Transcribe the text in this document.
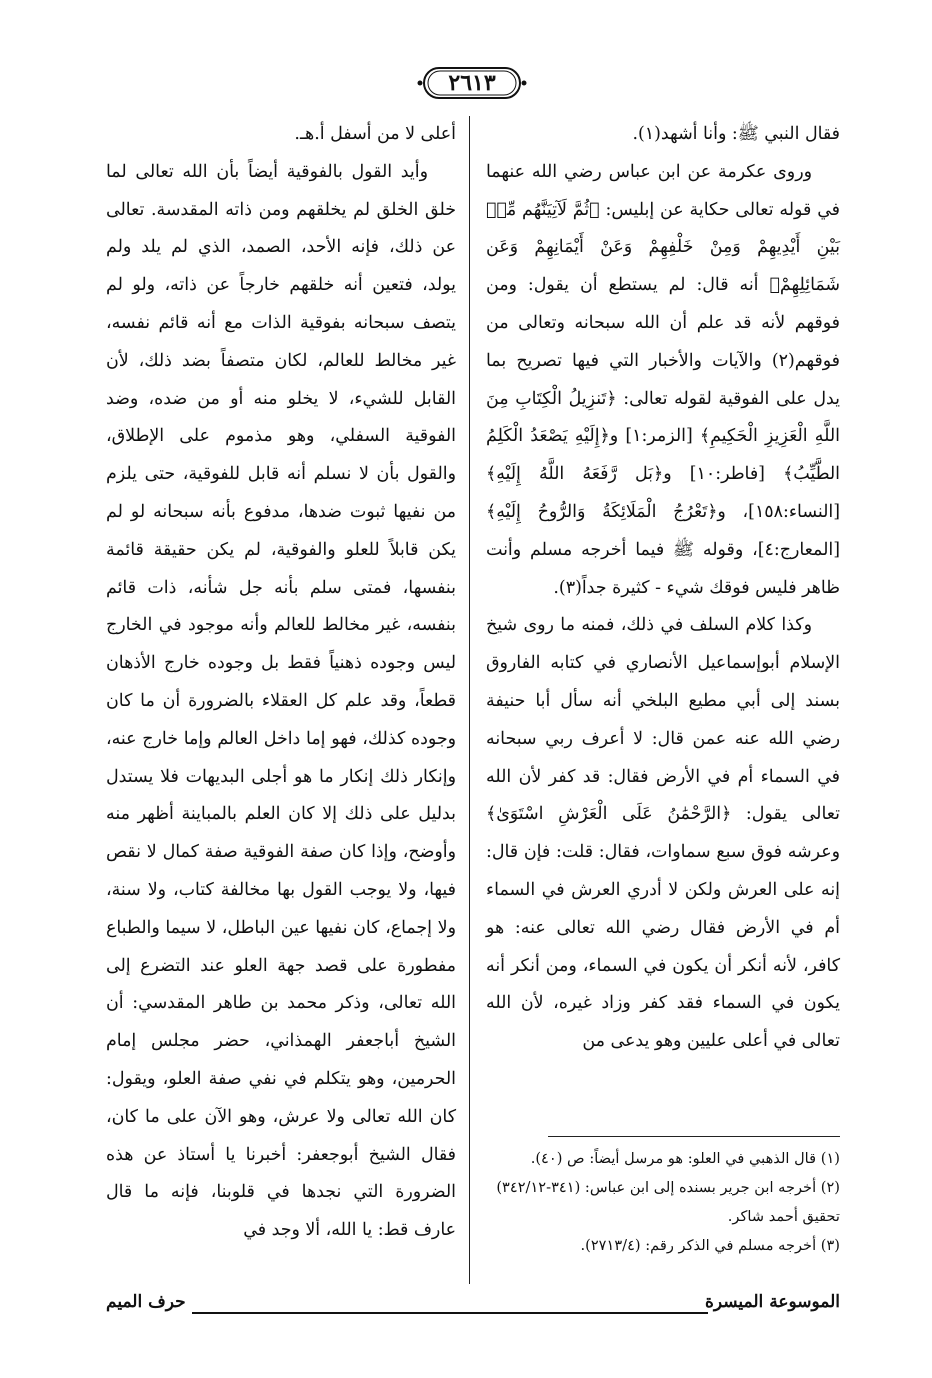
٢٦١٣

فقال النبي ﷺ: وأنا أشهد(١).

وروى عكرمة عن ابن عباس رضي الله عنهما في قوله تعالى حكاية عن إبليس: ﴿ثُمَّ لَآتِيَنَّهُم مِّنۢ بَيْنِ أَيْدِيهِمْ وَمِنْ خَلْفِهِمْ وَعَنْ أَيْمَانِهِمْ وَعَن شَمَائِلِهِمْ﴾ أنه قال: لم يستطع أن يقول: ومن فوقهم لأنه قد علم أن الله سبحانه وتعالى من فوقهم(٢) والآيات والأخبار التي فيها تصريح بما يدل على الفوقية لقوله تعالى: ﴿تَنزِيلُ الْكِتَابِ مِنَ اللَّهِ الْعَزِيزِ الْحَكِيمِ﴾ [الزمر:١] و﴿إِلَيْهِ يَصْعَدُ الْكَلِمُ الطَّيِّبُ﴾ [فاطر:١٠] و﴿بَل رَّفَعَهُ اللَّهُ إِلَيْهِ﴾ [النساء:١٥٨]، و﴿تَعْرُجُ الْمَلَائِكَةُ وَالرُّوحُ إِلَيْهِ﴾ [المعارج:٤]، وقوله ﷺ فيما أخرجه مسلم وأنت ظاهر فليس فوقك شيء - كثيرة جداً(٣).

وكذا كلام السلف في ذلك، فمنه ما روى شيخ الإسلام أبوإسماعيل الأنصاري في كتابه الفاروق بسند إلى أبي مطيع البلخي أنه سأل أبا حنيفة رضي الله عنه عمن قال: لا أعرف ربي سبحانه في السماء أم في الأرض فقال: قد كفر لأن الله تعالى يقول: ﴿الرَّحْمَٰنُ عَلَى الْعَرْشِ اسْتَوَىٰ﴾ وعرشه فوق سبع سماوات، فقال: قلت: فإن قال: إنه على العرش ولكن لا أدري العرش في السماء أم في الأرض فقال رضي الله تعالى عنه: هو كافر، لأنه أنكر أن يكون في السماء، ومن أنكر أنه يكون في السماء فقد كفر وزاد غيره، لأن الله تعالى في أعلى عليين وهو يدعى من

أعلى لا من أسفل أ.هـ.

وأيد القول بالفوقية أيضاً بأن الله تعالى لما خلق الخلق لم يخلقهم ومن ذاته المقدسة. تعالى عن ذلك، فإنه الأحد، الصمد، الذي لم يلد ولم يولد، فتعين أنه خلقهم خارجاً عن ذاته، ولو لم يتصف سبحانه بفوقية الذات مع أنه قائم نفسه، غير مخالط للعالم، لكان متصفاً بضد ذلك، لأن القابل للشيء، لا يخلو منه أو من ضده، وضد الفوقية السفلي، وهو مذموم على الإطلاق، والقول بأن لا نسلم أنه قابل للفوقية، حتى يلزم من نفيها ثبوت ضدها، مدفوع بأنه سبحانه لو لم يكن قابلاً للعلو والفوقية، لم يكن حقيقة قائمة بنفسها، فمتى سلم بأنه جل شأنه، ذات قائم بنفسه، غير مخالط للعالم وأنه موجود في الخارج ليس وجوده ذهنياً فقط بل وجوده خارج الأذهان قطعاً، وقد علم كل العقلاء بالضرورة أن ما كان وجوده كذلك، فهو إما داخل العالم وإما خارج عنه، وإنكار ذلك إنكار ما هو أجلى البديهات فلا يستدل بدليل على ذلك إلا كان العلم بالمباينة أظهر منه وأوضح، وإذا كان صفة الفوقية صفة كمال لا نقص فيها، ولا يوجب القول بها مخالفة كتاب، ولا سنة، ولا إجماع، كان نفيها عين الباطل، لا سيما والطباع مفطورة على قصد جهة العلو عند التضرع إلى الله تعالى، وذكر محمد بن طاهر المقدسي: أن الشيخ أباجعفر الهمذاني، حضر مجلس إمام الحرمين، وهو يتكلم في نفي صفة العلو، ويقول: كان الله تعالى ولا عرش، وهو الآن على ما كان، فقال الشيخ أبوجعفر: أخبرنا يا أستاذ عن هذه الضرورة التي نجدها في قلوبنا، فإنه ما قال عارف قط: يا الله، ألا وجد في

(١) قال الذهبي في العلو: هو مرسل أيضاً: ص (٤٠).
(٢) أخرجه ابن جرير بسنده إلى ابن عباس: (٣٤١-٣٤٢/١٢) تحقيق أحمد شاكر.
(٣) أخرجه مسلم في الذكر رقم: (٢٧١٣/٤).
الموسوعة الميسرة
حرف الميم
